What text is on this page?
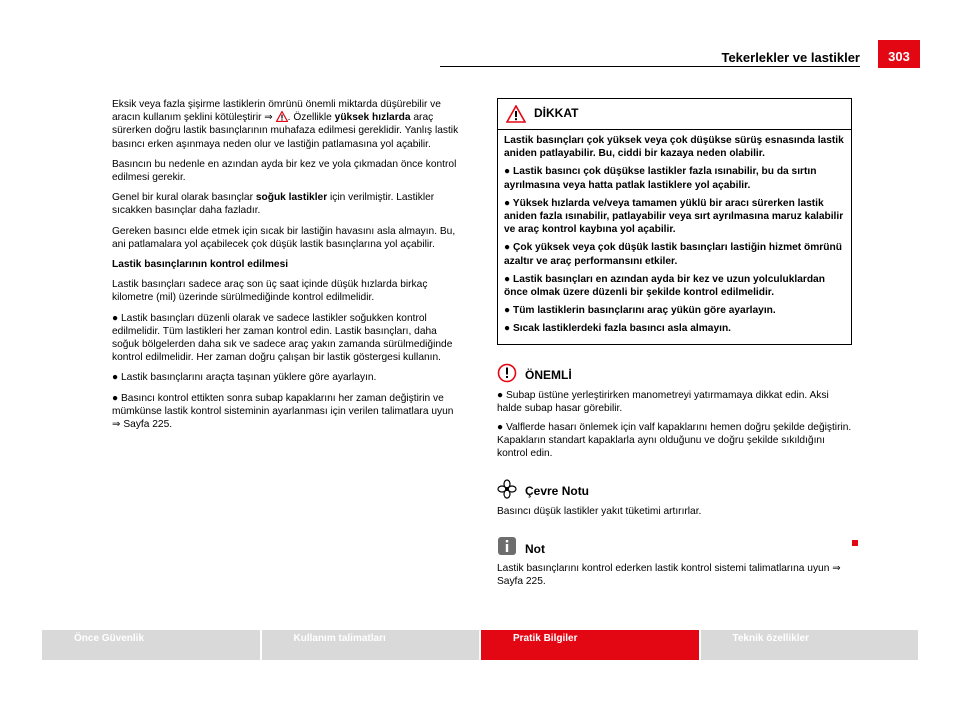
Tekerlekler ve lastikler	303

Eksik veya fazla şişirme lastiklerin ömrünü önemli miktarda düşürebilir ve aracın kullanım şeklini kötüleştirir ⇒
. Özellikle yüksek hızlarda araç sürerken doğru lastik basınçlarının muhafaza edilmesi gereklidir. Yanlış lastik basıncı erken aşınmaya neden olur ve lastiğin patlamasına yol açabilir.

Basıncın bu nedenle en azından ayda bir kez ve yola çıkmadan önce kontrol edilmesi gerekir.

Genel bir kural olarak basınçlar soğuk lastikler için verilmiştir. Lastikler sıcakken basınçlar daha fazladır.

Gereken basıncı elde etmek için sıcak bir lastiğin havasını asla almayın. Bu, ani patlamalara yol açabilecek çok düşük lastik basınçlarına yol açabilir.

Lastik basınçlarının kontrol edilmesi

Lastik basınçları sadece araç son üç saat içinde düşük hızlarda birkaç kilometre (mil) üzerinde sürülmediğinde kontrol edilmelidir.

● Lastik basınçları düzenli olarak ve sadece lastikler soğukken kontrol edilmelidir. Tüm lastikleri her zaman kontrol edin. Lastik basınçları, daha soğuk bölgelerden daha sık ve sadece araç yakın zamanda sürülmediğinde kontrol edilmelidir. Her zaman doğru çalışan bir lastik göstergesi kullanın.

● Lastik basınçlarını araçta taşınan yüklere göre ayarlayın.

● Basıncı kontrol ettikten sonra subap kapaklarını her zaman değiştirin ve mümkünse lastik kontrol sisteminin ayarlanması için verilen talimatlara uyun ⇒ Sayfa 225.

DİKKAT

Lastik basınçları çok yüksek veya çok düşükse sürüş esnasında lastik aniden patlayabilir. Bu, ciddi bir kazaya neden olabilir.

● Lastik basıncı çok düşükse lastikler fazla ısınabilir, bu da sırtın ayrılmasına veya hatta patlak lastiklere yol açabilir.

● Yüksek hızlarda ve/veya tamamen yüklü bir aracı sürerken lastik aniden fazla ısınabilir, patlayabilir veya sırt ayrılmasına maruz kalabilir ve araç kontrol kaybına yol açabilir.

● Çok yüksek veya çok düşük lastik basınçları lastiğin hizmet ömrünü azaltır ve araç performansını etkiler.

● Lastik basınçları en azından ayda bir kez ve uzun yolculuklardan önce olmak üzere düzenli bir şekilde kontrol edilmelidir.

● Tüm lastiklerin basınçlarını araç yükün göre ayarlayın.

● Sıcak lastiklerdeki fazla basıncı asla almayın.

ÖNEMLİ

● Subap üstüne yerleştirirken manometreyi yatırmamaya dikkat edin. Aksi halde subap hasar görebilir.

● Valflerde hasarı önlemek için valf kapaklarını hemen doğru şekilde değiştirin. Kapakların standart kapaklarla aynı olduğunu ve doğru şekilde sıkıldığını kontrol edin.

Çevre Notu

Basıncı düşük lastikler yakıt tüketimi artırırlar.

Not

Lastik basınçlarını kontrol ederken lastik kontrol sistemi talimatlarına uyun ⇒ Sayfa 225.

Önce Güvenlik	Kullanım talimatları	Pratik Bilgiler	Teknik özellikler
